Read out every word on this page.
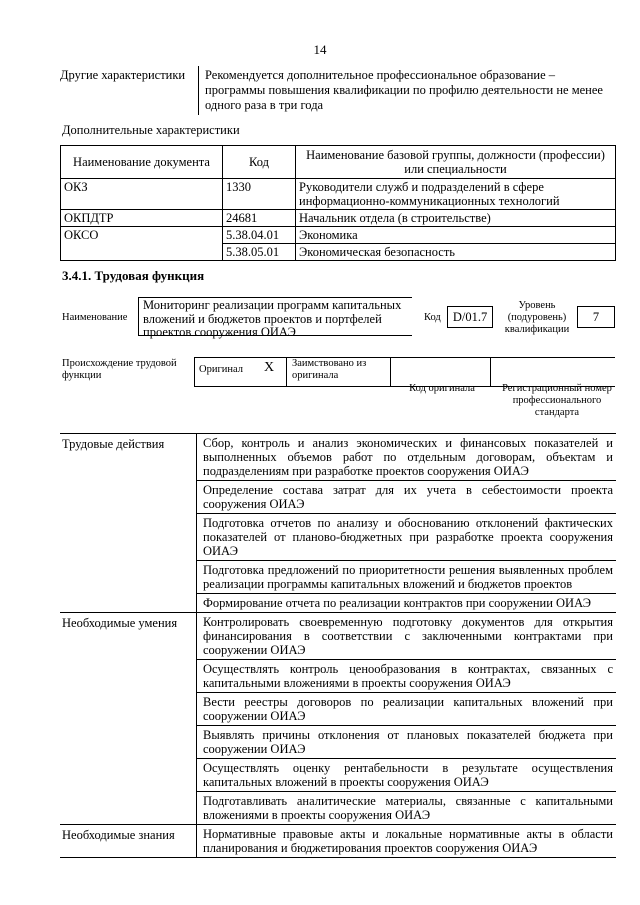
14
Другие характеристики	Рекомендуется дополнительное профессиональное образование – программы повышения квалификации по профилю деятельности не менее одного раза в три года
Дополнительные характеристики
Наименование документа	Код	Наименование базовой группы, должности (профессии) или специальности
ОКЗ	1330	Руководители служб и подразделений в сфере информационно-коммуникационных технологий
ОКПДТР	24681	Начальник отдела (в строительстве)
ОКСО	5.38.04.01	Экономика
	5.38.05.01	Экономическая безопасность
3.4.1. Трудовая функция
Наименование
Мониторинг реализации программ капитальных вложений и бюджетов проектов и портфелей проектов сооружения ОИАЭ
Код D/01.7
Уровень (подуровень) квалификации
7
Происхождение трудовой функции
Оригинал X Заимствовано из оригинала
Код оригинала	Регистрационный номер профессионального стандарта
Трудовые действия	Сбор, контроль и анализ экономических и финансовых показателей и выполненных объемов работ по отдельным договорам, объектам и подразделениям при разработке проектов сооружения ОИАЭ
	Определение состава затрат для их учета в себестоимости проекта сооружения ОИАЭ
	Подготовка отчетов по анализу и обоснованию отклонений фактических показателей от планово-бюджетных при разработке проекта сооружения ОИАЭ
	Подготовка предложений по приоритетности решения выявленных проблем реализации программы капитальных вложений и бюджетов проектов
	Формирование отчета по реализации контрактов при сооружении ОИАЭ
Необходимые умения	Контролировать своевременную подготовку документов для открытия финансирования в соответствии с заключенными контрактами при сооружении ОИАЭ
	Осуществлять контроль ценообразования в контрактах, связанных с капитальными вложениями в проекты сооружения ОИАЭ
	Вести реестры договоров по реализации капитальных вложений при сооружении ОИАЭ
	Выявлять причины отклонения от плановых показателей бюджета при сооружении ОИАЭ
	Осуществлять оценку рентабельности в результате осуществления капитальных вложений в проекты сооружения ОИАЭ
	Подготавливать аналитические материалы, связанные с капитальными вложениями в проекты сооружения ОИАЭ
Необходимые знания	Нормативные правовые акты и локальные нормативные акты в области планирования и бюджетирования проектов сооружения ОИАЭ
